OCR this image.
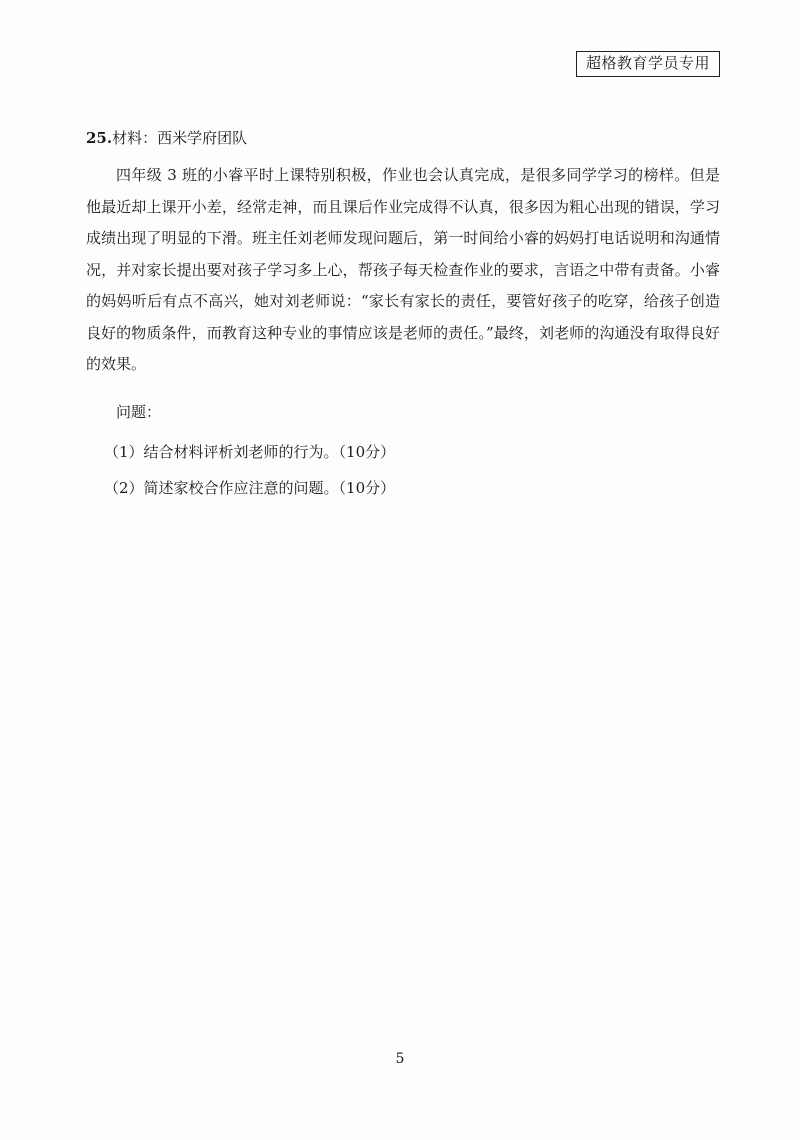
超格教育学员专用
25.材料：西米学府团队

四年级 3 班的小睿平时上课特别积极，作业也会认真完成，是很多同学学习的榜样。但是他最近却上课开小差，经常走神，而且课后作业完成得不认真，很多因为粗心出现的错误，学习成绩出现了明显的下滑。班主任刘老师发现问题后，第一时间给小睿的妈妈打电话说明和沟通情况，并对家长提出要对孩子学习多上心，帮孩子每天检查作业的要求，言语之中带有责备。小睿的妈妈听后有点不高兴，她对刘老师说：“家长有家长的责任，要管好孩子的吃穿，给孩子创造良好的物质条件，而教育这种专业的事情应该是老师的责任。”最终，刘老师的沟通没有取得良好的效果。

问题：
（1）结合材料评析刘老师的行为。（10分）
（2）简述家校合作应注意的问题。（10分）
5
